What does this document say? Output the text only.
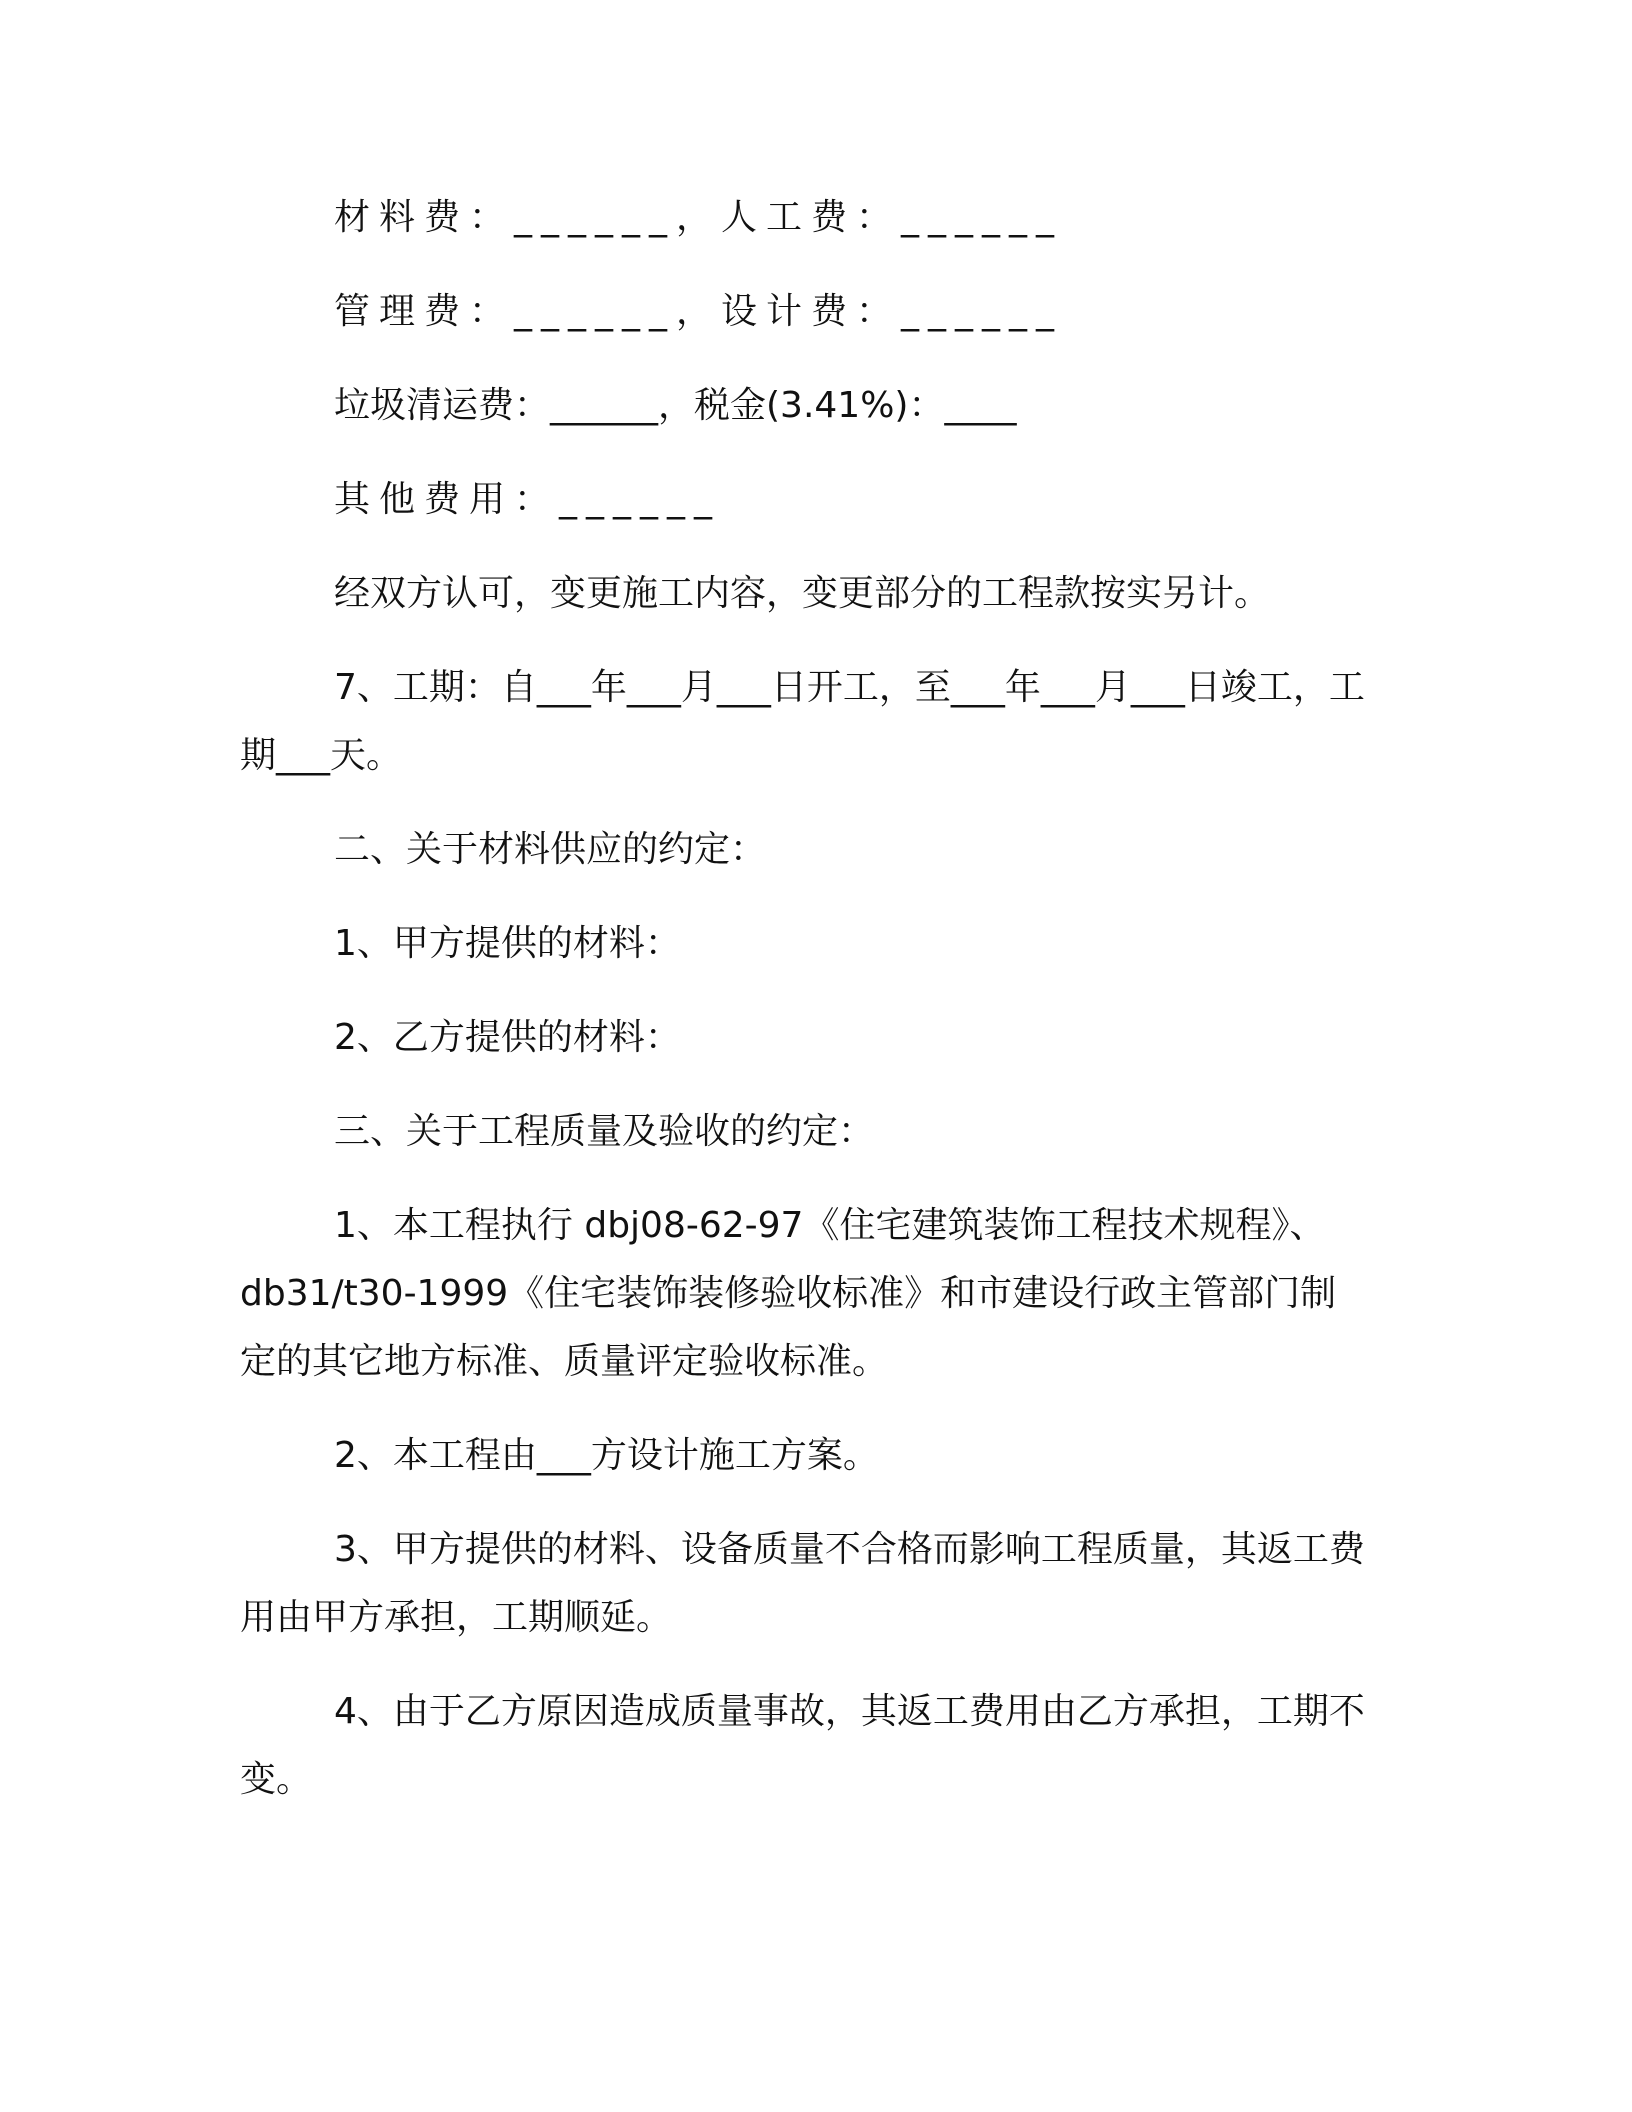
材料费：______，人工费：______

管理费：______，设计费：______

垃圾清运费：______，税金(3.41%)：____

其他费用：______

经双方认可，变更施工内容，变更部分的工程款按实另计。

7、工期：自___年___月___日开工，至___年___月___日竣工，工期___天。

二、关于材料供应的约定：

1、甲方提供的材料：

2、乙方提供的材料：

三、关于工程质量及验收的约定：

1、本工程执行 dbj08-62-97《住宅建筑装饰工程技术规程》、db31/t30-1999《住宅装饰装修验收标准》和市建设行政主管部门制定的其它地方标准、质量评定验收标准。

2、本工程由___方设计施工方案。

3、甲方提供的材料、设备质量不合格而影响工程质量，其返工费用由甲方承担，工期顺延。

4、由于乙方原因造成质量事故，其返工费用由乙方承担，工期不变。
